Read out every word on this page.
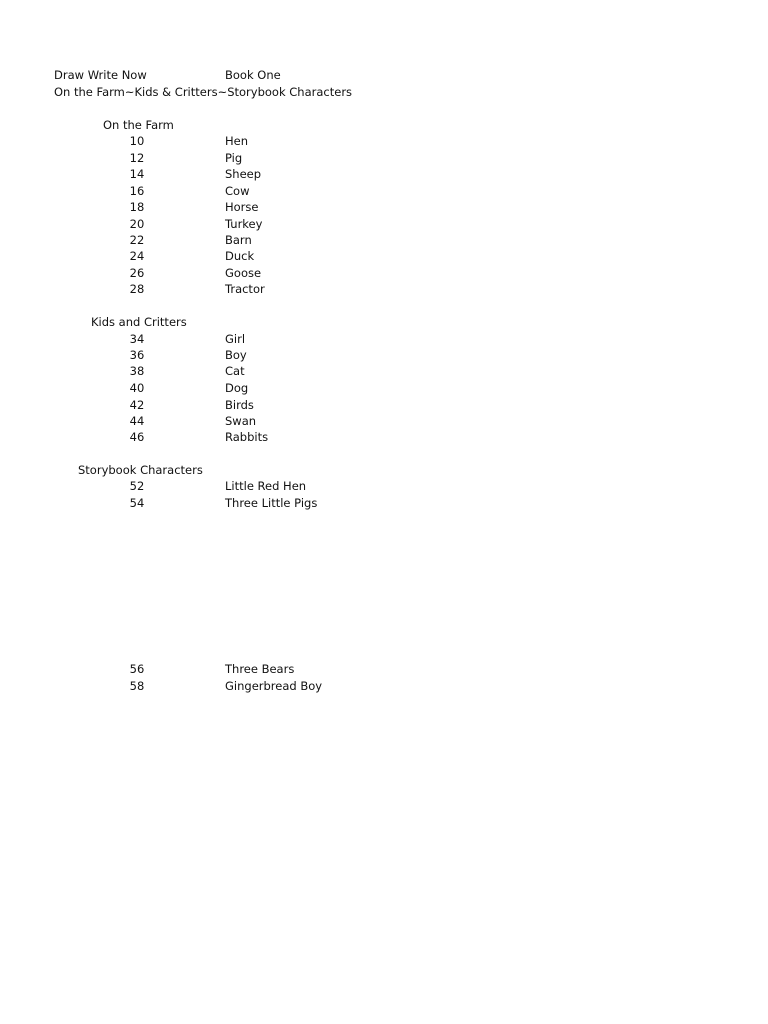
Draw Write Now	Book One
On the Farm~Kids & Critters~Storybook Characters
On the Farm
10	Hen
12	Pig
14	Sheep
16	Cow
18	Horse
20	Turkey
22	Barn
24	Duck
26	Goose
28	Tractor
Kids and Critters
34	Girl
36	Boy
38	Cat
40	Dog
42	Birds
44	Swan
46	Rabbits
Storybook Characters
52	Little Red Hen
54	Three Little Pigs
56	Three Bears
58	Gingerbread Boy
